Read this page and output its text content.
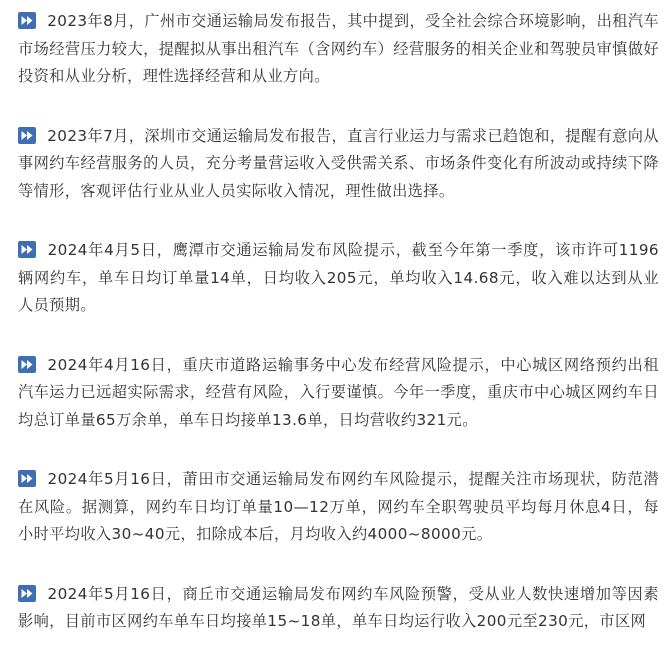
2023年8月，广州市交通运输局发布报告，其中提到，受全社会综合环境影响，出租汽车市场经营压力较大，提醒拟从事出租汽车（含网约车）经营服务的相关企业和驾驶员审慎做好投资和从业分析，理性选择经营和从业方向。

2023年7月，深圳市交通运输局发布报告，直言行业运力与需求已趋饱和，提醒有意向从事网约车经营服务的人员，充分考量营运收入受供需关系、市场条件变化有所波动或持续下降等情形，客观评估行业从业人员实际收入情况，理性做出选择。

2024年4月5日，鹰潭市交通运输局发布风险提示，截至今年第一季度，该市许可1196辆网约车，单车日均订单量14单，日均收入205元，单均收入14.68元，收入难以达到从业人员预期。

2024年4月16日，重庆市道路运输事务中心发布经营风险提示，中心城区网络预约出租汽车运力已远超实际需求，经营有风险，入行要谨慎。今年一季度，重庆市中心城区网约车日均总订单量65万余单，单车日均接单13.6单，日均营收约321元。

2024年5月16日，莆田市交通运输局发布网约车风险提示，提醒关注市场现状，防范潜在风险。据测算，网约车日均订单量10—12万单，网约车全职驾驶员平均每月休息4日，每小时平均收入30~40元，扣除成本后，月均收入约4000~8000元。

2024年5月16日，商丘市交通运输局发布网约车风险预警，受从业人数快速增加等因素影响，目前市区网约车单车日均接单15~18单，单车日均运行收入200元至230元，市区网
